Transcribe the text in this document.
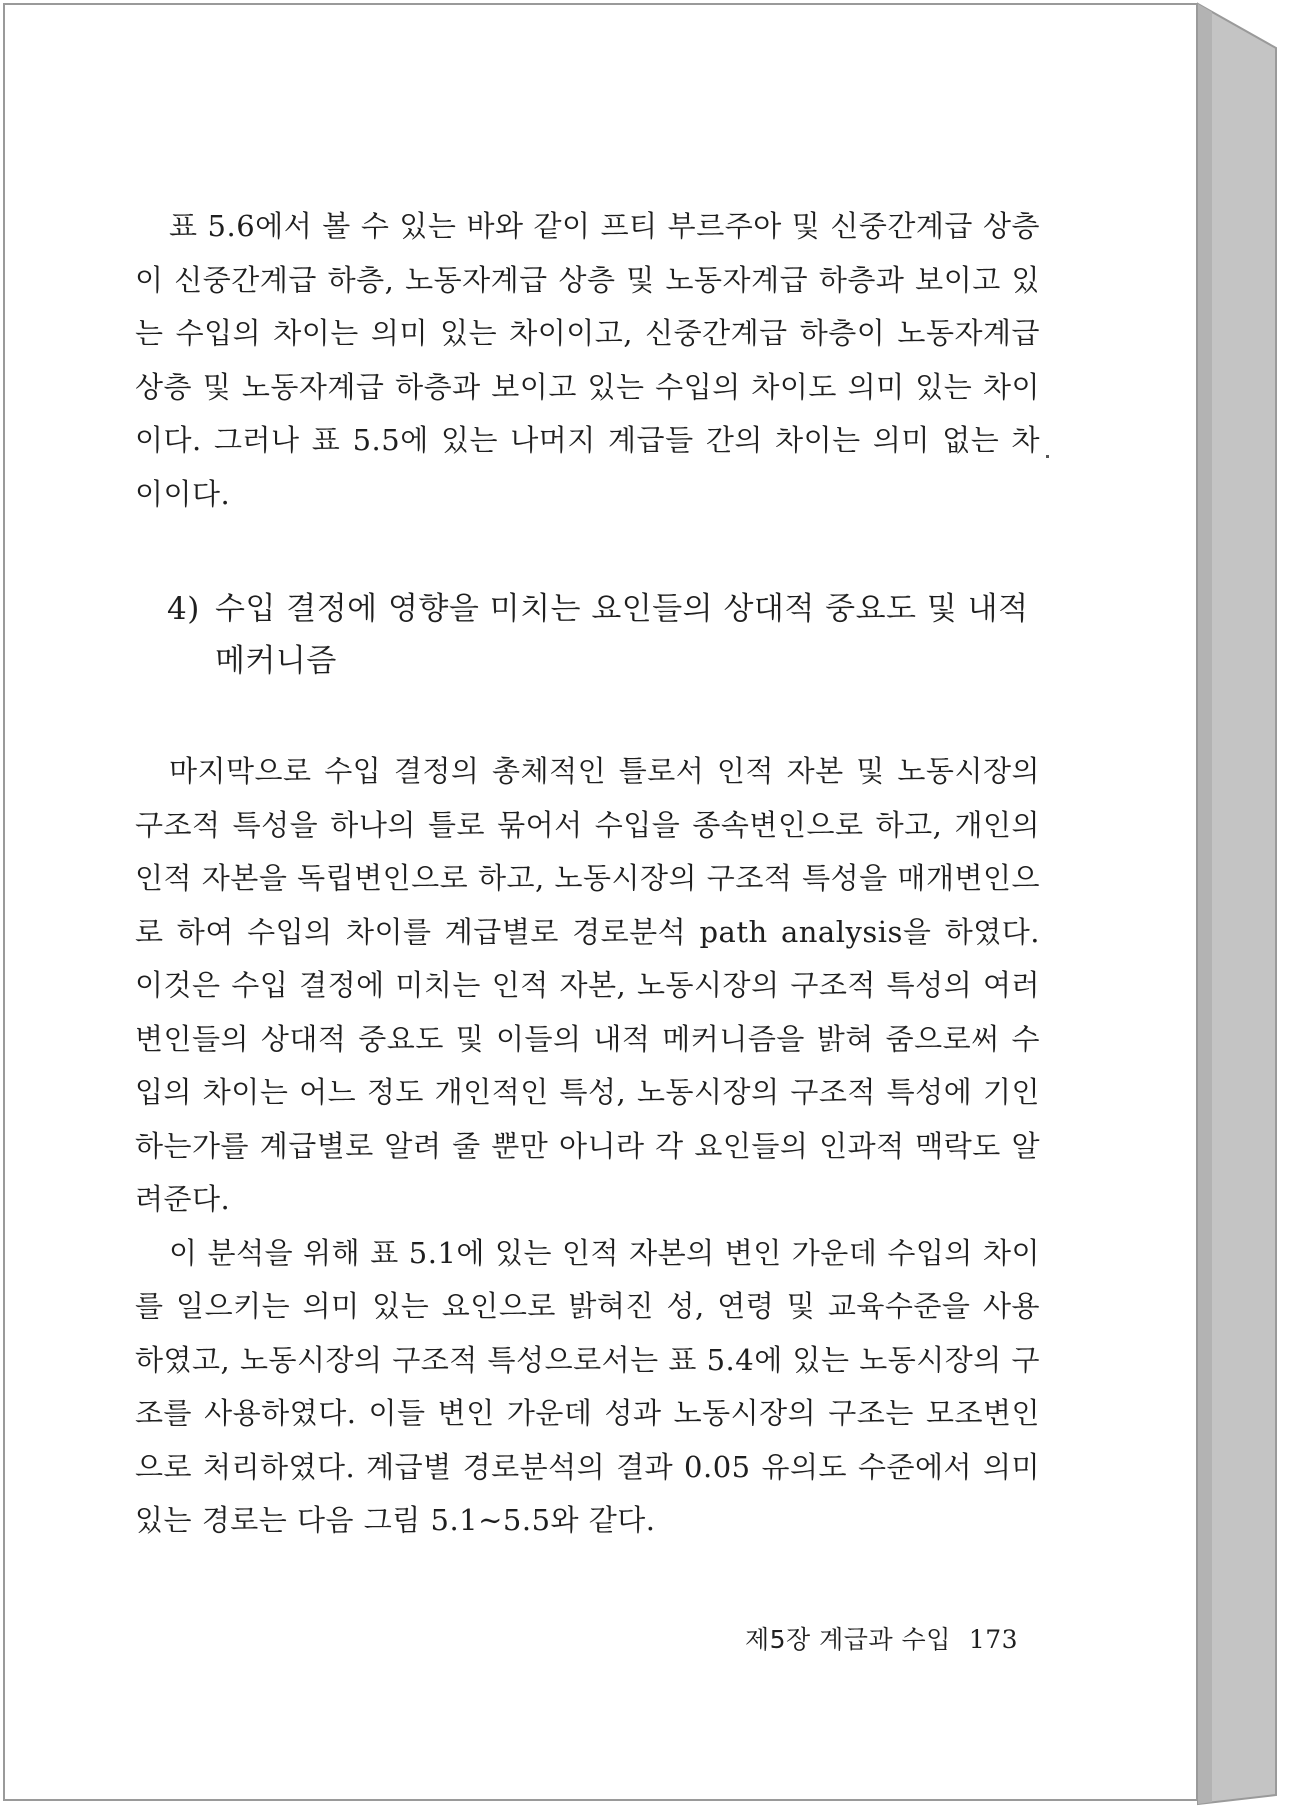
표 5.6에서 볼 수 있는 바와 같이 프티 부르주아 및 신중간계급 상층이 신중간계급 하층, 노동자계급 상층 및 노동자계급 하층과 보이고 있는 수입의 차이는 의미 있는 차이이고, 신중간계급 하층이 노동자계급 상층 및 노동자계급 하층과 보이고 있는 수입의 차이도 의미 있는 차이이다. 그러나 표 5.5에 있는 나머지 계급들 간의 차이는 의미 없는 차이이다.

4) 수입 결정에 영향을 미치는 요인들의 상대적 중요도 및 내적 메커니즘

마지막으로 수입 결정의 총체적인 틀로서 인적 자본 및 노동시장의 구조적 특성을 하나의 틀로 묶어서 수입을 종속변인으로 하고, 개인의 인적 자본을 독립변인으로 하고, 노동시장의 구조적 특성을 매개변인으로 하여 수입의 차이를 계급별로 경로분석 path analysis을 하였다. 이것은 수입 결정에 미치는 인적 자본, 노동시장의 구조적 특성의 여러 변인들의 상대적 중요도 및 이들의 내적 메커니즘을 밝혀 줌으로써 수입의 차이는 어느 정도 개인적인 특성, 노동시장의 구조적 특성에 기인하는가를 계급별로 알려 줄 뿐만 아니라 각 요인들의 인과적 맥락도 알려준다.

이 분석을 위해 표 5.1에 있는 인적 자본의 변인 가운데 수입의 차이를 일으키는 의미 있는 요인으로 밝혀진 성, 연령 및 교육수준을 사용하였고, 노동시장의 구조적 특성으로서는 표 5.4에 있는 노동시장의 구조를 사용하였다. 이들 변인 가운데 성과 노동시장의 구조는 모조변인으로 처리하였다. 계급별 경로분석의 결과 0.05 유의도 수준에서 의미 있는 경로는 다음 그림 5.1∼5.5와 같다.

제5장 계급과 수입 173
